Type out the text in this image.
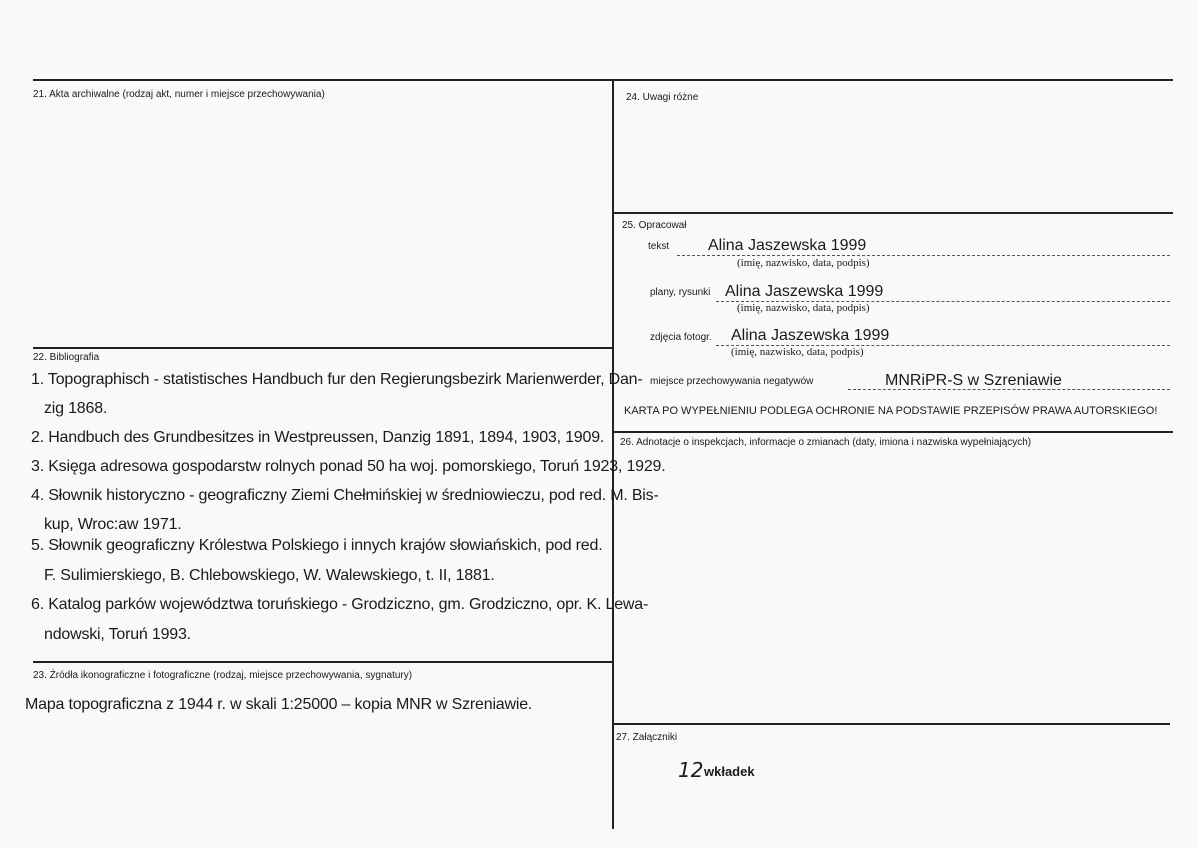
21. Akta archiwalne (rodzaj akt, numer i miejsce przechowywania)
22. Bibliografia
1. Topographisch - statistisches Handbuch fur den Regierungsbezirk Marienwerder, Dan-
zig 1868.
2. Handbuch des Grundbesitzes in Westpreussen, Danzig 1891, 1894, 1903, 1909.
3. Księga adresowa gospodarstw rolnych ponad 50 ha woj. pomorskiego, Toruń 1923, 1929.
4. Słownik historyczno - geograficzny Ziemi Chełmińskiej w średniowieczu, pod red. M. Bis-
kup, Wroc:aw 1971.
5. Słownik geograficzny Królestwa Polskiego i innych krajów słowiańskich, pod red.
F. Sulimierskiego, B. Chlebowskiego, W. Walewskiego, t. II, 1881.
6. Katalog parków województwa toruńskiego - Grodziczno, gm. Grodziczno, opr. K. Lewa-
ndowski, Toruń 1993.
23. Źródła ikonograficzne i fotograficzne (rodzaj, miejsce przechowywania, sygnatury)
Mapa topograficzna z 1944 r. w skali 1:25000 – kopia MNR w Szreniawie.
24. Uwagi różne
25. Opracował
tekst Alina Jaszewska 1999
(imię, nazwisko, data, podpis)
plany, rysunki Alina Jaszewska 1999
(imię, nazwisko, data, podpis)
zdjęcia fotogr. Alina Jaszewska 1999
(imię, nazwisko, data, podpis)
miejsce przechowywania negatywów	MNRiPR-S w Szreniawie
KARTA PO WYPEŁNIENIU PODLEGA OCHRONIE NA PODSTAWIE PRZEPISÓW PRAWA AUTORSKIEGO!
26. Adnotacje o inspekcjach, informacje o zmianach (daty, imiona i nazwiska wypełniających)
27. Załączniki
12 wkładek
